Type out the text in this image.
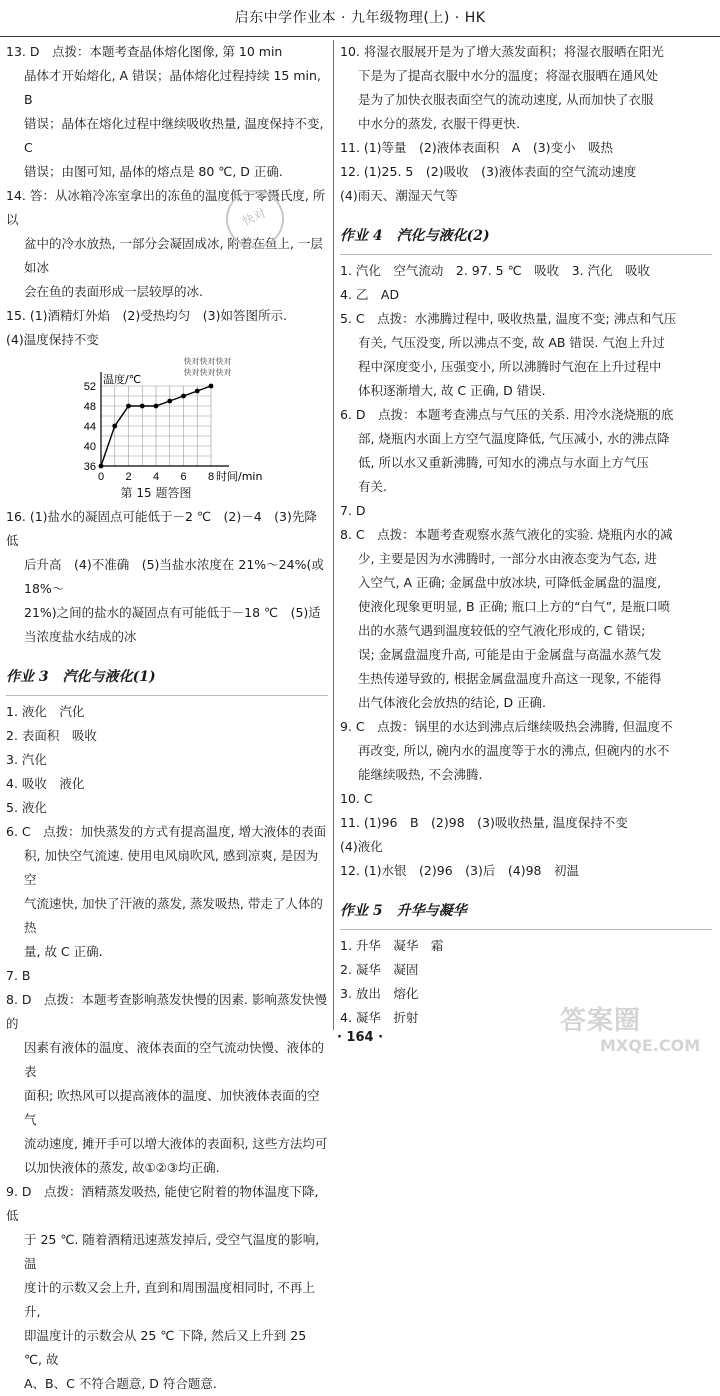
启东中学作业本 · 九年级物理(上) · HK

13. D　点拨：本题考查晶体熔化图像, 第 10 min

晶体才开始熔化, A 错误；晶体熔化过程持续 15 min, B

错误；晶体在熔化过程中继续吸收热量, 温度保持不变, C

错误；由图可知, 晶体的熔点是 80 ℃, D 正确.

14. 答：从冰箱冷冻室拿出的冻鱼的温度低于零摄氏度, 所以

盆中的冷水放热, 一部分会凝固成冰, 附着在鱼上, 一层如冰

会在鱼的表面形成一层较厚的冰.

15. (1)酒精灯外焰　(2)受热均匀　(3)如答图所示.

(4)温度保持不变

0 2 4 6 8
36
40
44
48
52
时间/min
温度/℃
快对快对快对
快对快对快对

第 15 题答图

16. (1)盐水的凝固点可能低于－2 ℃　(2)－4　(3)先降低

后升高　(4)不准确　(5)当盐水浓度在 21%～24%(或 18%～

21%)之间的盐水的凝固点有可能低于－18 ℃　(5)适

当浓度盐水结成的冰

作业 3　汽化与液化(1)

1. 液化　汽化

2. 表面积　吸收

3. 汽化

4. 吸收　液化

5. 液化

6. C　点拨：加快蒸发的方式有提高温度, 增大液体的表面

积, 加快空气流速. 使用电风扇吹风, 感到凉爽, 是因为空

气流速快, 加快了汗液的蒸发, 蒸发吸热, 带走了人体的热

量, 故 C 正确.

7. B

8. D　点拨：本题考查影响蒸发快慢的因素. 影响蒸发快慢的

因素有液体的温度、液体表面的空气流动快慢、液体的表

面积; 吹热风可以提高液体的温度、加快液体表面的空气

流动速度, 摊开手可以增大液体的表面积, 这些方法均可

以加快液体的蒸发, 故①②③均正确.

9. D　点拨：酒精蒸发吸热, 能使它附着的物体温度下降, 低

于 25 ℃. 随着酒精迅速蒸发掉后, 受空气温度的影响, 温

度计的示数又会上升, 直到和周围温度相同时, 不再上升,

即温度计的示数会从 25 ℃ 下降, 然后又上升到 25 ℃, 故

A、B、C 不符合题意, D 符合题意.

10. 将湿衣服展开是为了增大蒸发面积；将湿衣服晒在阳光

下是为了提高衣服中水分的温度；将湿衣服晒在通风处

是为了加快衣服表面空气的流动速度, 从而加快了衣服

中水分的蒸发, 衣服干得更快.

11. (1)等量　(2)液体表面积　A　(3)变小　吸热

12. (1)25. 5　(2)吸收　(3)液体表面的空气流动速度

(4)雨天、潮湿天气等

作业 4　汽化与液化(2)

1. 汽化　空气流动　2. 97. 5 ℃　吸收　3. 汽化　吸收

4. 乙　AD

5. C　点拨：水沸腾过程中, 吸收热量, 温度不变; 沸点和气压

有关, 气压没变, 所以沸点不变, 故 AB 错误. 气泡上升过

程中深度变小, 压强变小, 所以沸腾时气泡在上升过程中

体积逐渐增大, 故 C 正确, D 错误.

6. D　点拨：本题考查沸点与气压的关系. 用冷水浇烧瓶的底

部, 烧瓶内水面上方空气温度降低, 气压减小, 水的沸点降

低, 所以水又重新沸腾, 可知水的沸点与水面上方气压

有关.

7. D

8. C　点拨：本题考查观察水蒸气液化的实验. 烧瓶内水的减

少, 主要是因为水沸腾时, 一部分水由液态变为气态, 进

入空气, A 正确; 金属盘中放冰块, 可降低金属盘的温度,

使液化现象更明显, B 正确; 瓶口上方的“白气”, 是瓶口喷

出的水蒸气遇到温度较低的空气液化形成的, C 错误;

误; 金属盘温度升高, 可能是由于金属盘与高温水蒸气发

生热传递导致的, 根据金属盘温度升高这一现象, 不能得

出气体液化会放热的结论, D 正确.

9. C　点拨：锅里的水达到沸点后继续吸热会沸腾, 但温度不

再改变, 所以, 碗内水的温度等于水的沸点, 但碗内的水不

能继续吸热, 不会沸腾.

10. C

11. (1)96　B　(2)98　(3)吸收热量, 温度保持不变

(4)液化

12. (1)水银　(2)96　(3)后　(4)98　初温

作业 5　升华与凝华

1. 升华　凝华　霜

2. 凝华　凝固

3. 放出　熔化

4. 凝华　折射

快对
· 164 ·
答案圈
MXQE.COM
